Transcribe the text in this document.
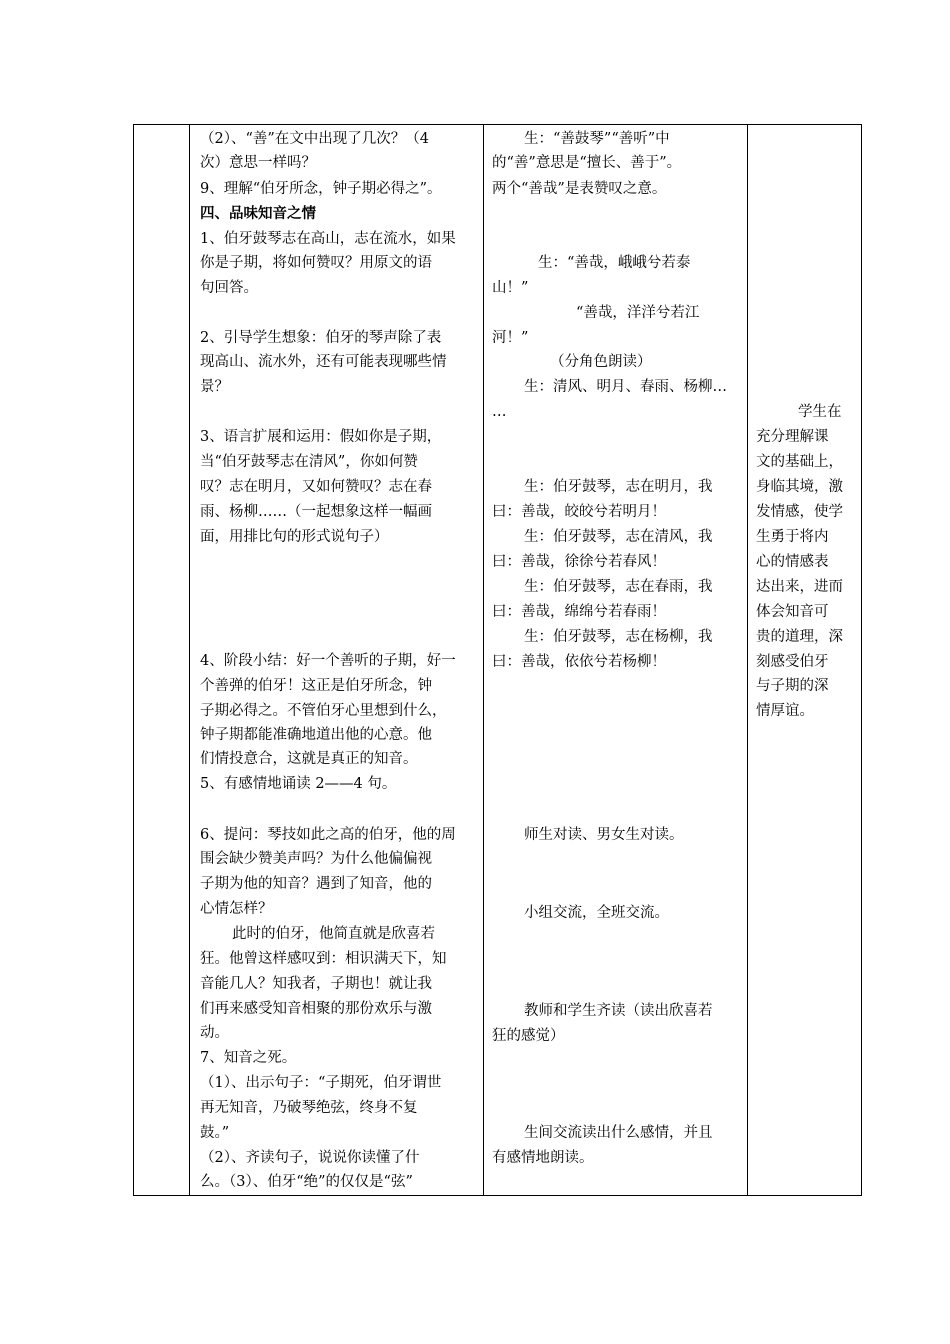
（2）、“善”在文中出现了几次？（4
次）意思一样吗？
9、理解“伯牙所念，钟子期必得之”。
四、品味知音之情
1、伯牙鼓琴志在高山，志在流水，如果
你是子期，将如何赞叹？用原文的语
句回答。
2、引导学生想象：伯牙的琴声除了表
现高山、流水外，还有可能表现哪些情
景？
3、语言扩展和运用：假如你是子期，
当“伯牙鼓琴志在清风”，你如何赞
叹？志在明月，又如何赞叹？志在春
雨、杨柳……（一起想象这样一幅画
面，用排比句的形式说句子）
4、阶段小结：好一个善听的子期，好一
个善弹的伯牙！这正是伯牙所念，钟
子期必得之。不管伯牙心里想到什么，
钟子期都能准确地道出他的心意。他
们情投意合，这就是真正的知音。
5、有感情地诵读 2——4 句。
6、提问：琴技如此之高的伯牙，他的周
围会缺少赞美声吗？为什么他偏偏视
子期为他的知音？遇到了知音，他的
心情怎样？
此时的伯牙，他简直就是欣喜若
狂。他曾这样感叹到：相识满天下，知
音能几人？知我者，子期也！就让我
们再来感受知音相聚的那份欢乐与激
动。
7、知音之死。
（1）、出示句子：“子期死，伯牙谓世
再无知音，乃破琴绝弦，终身不复
鼓。”
（2）、齐读句子，说说你读懂了什
么。（3）、伯牙“绝”的仅仅是“弦”
生：“善鼓琴”“善听”中
的“善”意思是“擅长、善于”。
两个“善哉”是表赞叹之意。
生：“善哉，峨峨兮若泰
山！”
“善哉，洋洋兮若江
河！”
（分角色朗读）
生：清风、明月、春雨、杨柳…
…
生：伯牙鼓琴，志在明月，我
曰：善哉，皎皎兮若明月！
生：伯牙鼓琴，志在清风，我
曰：善哉，徐徐兮若春风！
生：伯牙鼓琴，志在春雨，我
曰：善哉，绵绵兮若春雨！
生：伯牙鼓琴，志在杨柳，我
曰：善哉，依依兮若杨柳！
师生对读、男女生对读。
小组交流，全班交流。
教师和学生齐读（读出欣喜若
狂的感觉）
生间交流读出什么感情，并且
有感情地朗读。
学生在
充分理解课
文的基础上，
身临其境，激
发情感，使学
生勇于将内
心的情感表
达出来，进而
体会知音可
贵的道理，深
刻感受伯牙
与子期的深
情厚谊。
